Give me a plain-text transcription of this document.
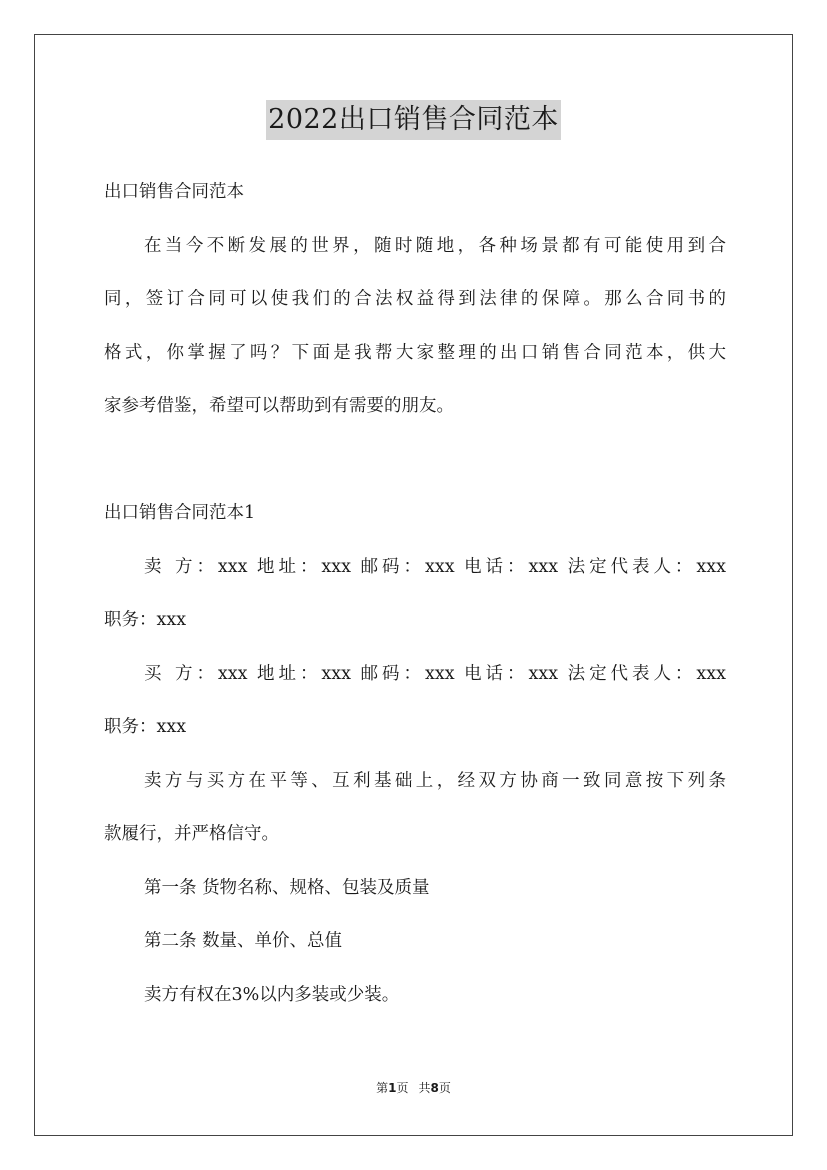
2022出口销售合同范本
出口销售合同范本
在当今不断发展的世界，随时随地，各种场景都有可能使用到合
同，签订合同可以使我们的合法权益得到法律的保障。那么合同书的
格式，你掌握了吗？下面是我帮大家整理的出口销售合同范本，供大
家参考借鉴，希望可以帮助到有需要的朋友。
出口销售合同范本1
卖 方：xxx 地址：xxx 邮码：xxx 电话：xxx 法定代表人：xxx
职务：xxx
买 方：xxx 地址：xxx 邮码：xxx 电话：xxx 法定代表人：xxx
职务：xxx
卖方与买方在平等、互利基础上，经双方协商一致同意按下列条
款履行，并严格信守。
第一条 货物名称、规格、包装及质量
第二条 数量、单价、总值
卖方有权在3%以内多装或少装。
第1页 共8页
